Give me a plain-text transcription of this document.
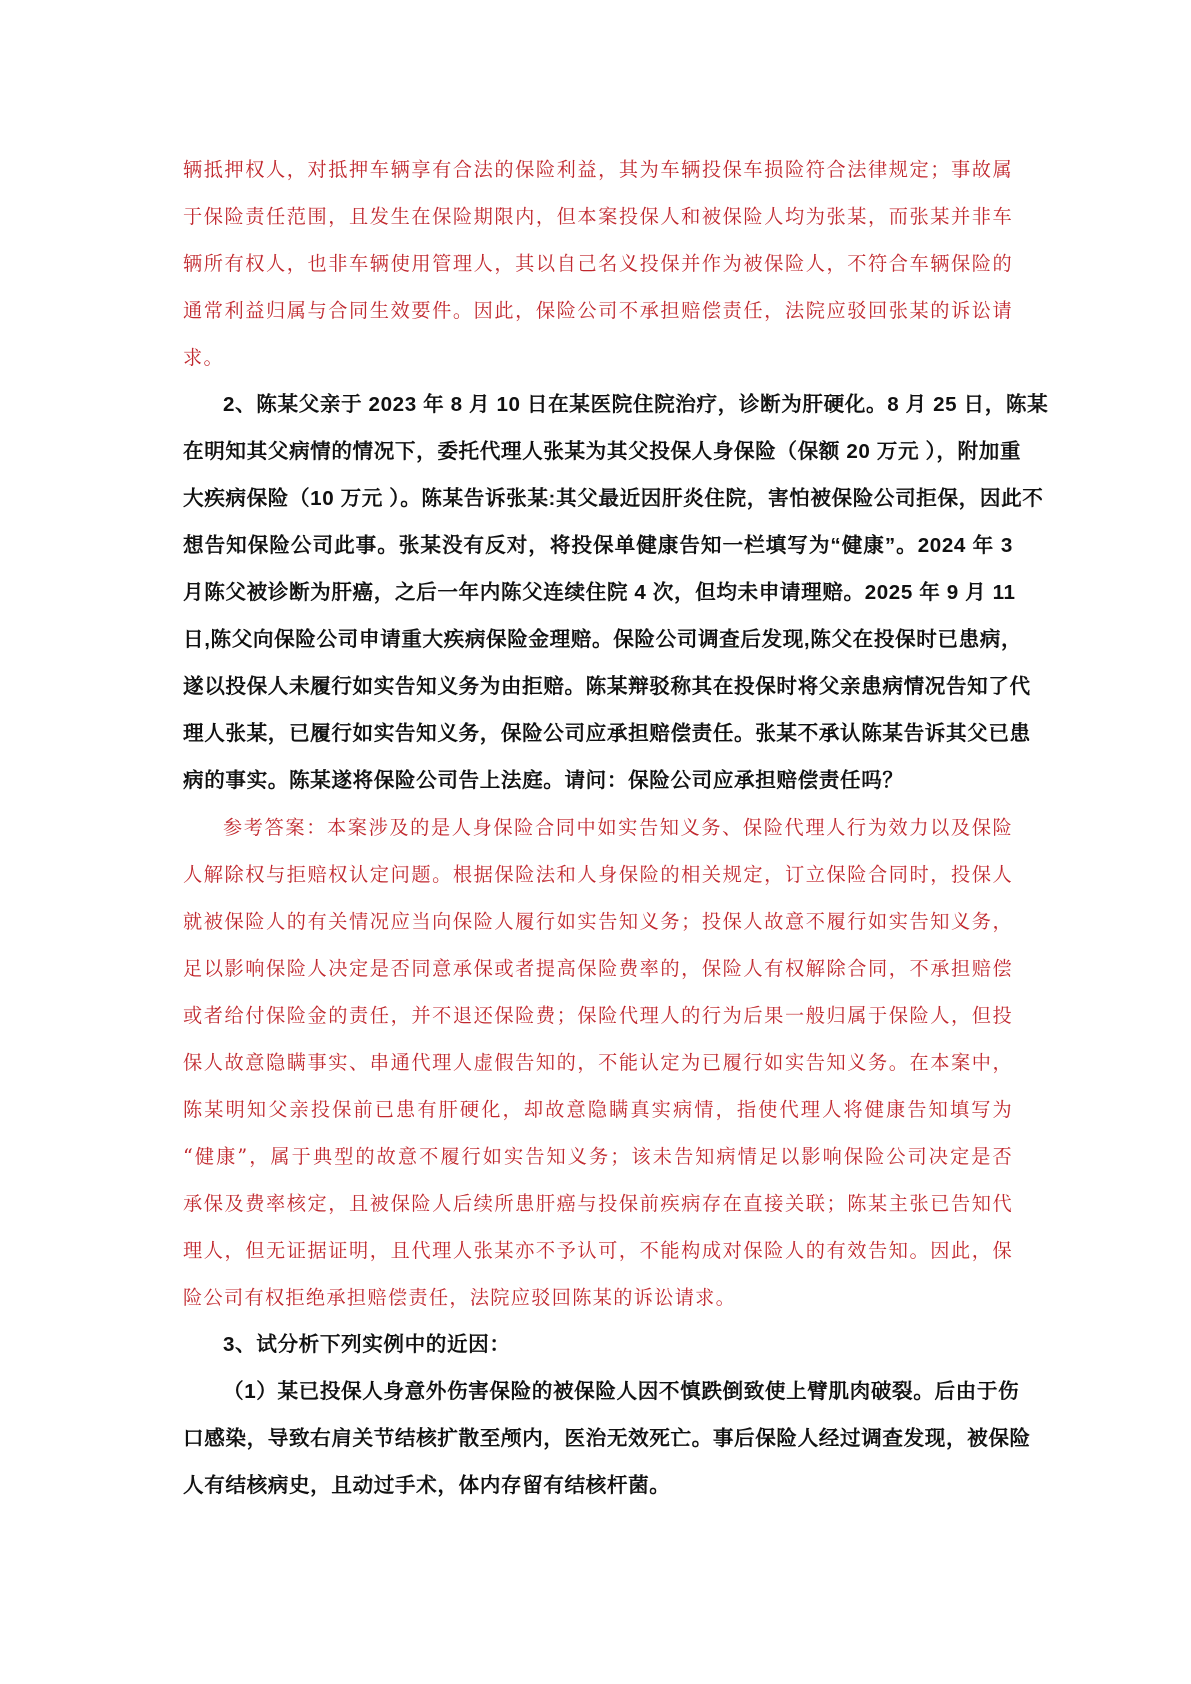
辆抵押权人，对抵押车辆享有合法的保险利益，其为车辆投保车损险符合法律规定；事故属
于保险责任范围，且发生在保险期限内，但本案投保人和被保险人均为张某，而张某并非车
辆所有权人，也非车辆使用管理人，其以自己名义投保并作为被保险人，不符合车辆保险的
通常利益归属与合同生效要件。因此，保险公司不承担赔偿责任，法院应驳回张某的诉讼请
求。
2、陈某父亲于 2023 年 8 月 10 日在某医院住院治疗，诊断为肝硬化。8 月 25 日，陈某
在明知其父病情的情况下，委托代理人张某为其父投保人身保险（保额 20 万元 ），附加重
大疾病保险（10 万元 ）。陈某告诉张某:其父最近因肝炎住院，害怕被保险公司拒保，因此不
想告知保险公司此事。张某没有反对，将投保单健康告知一栏填写为“健康”。2024 年 3
月陈父被诊断为肝癌，之后一年内陈父连续住院 4 次，但均未申请理赔。2025 年 9 月 11
日,陈父向保险公司申请重大疾病保险金理赔。保险公司调查后发现,陈父在投保时已患病，
遂以投保人未履行如实告知义务为由拒赔。陈某辩驳称其在投保时将父亲患病情况告知了代
理人张某，已履行如实告知义务，保险公司应承担赔偿责任。张某不承认陈某告诉其父已患
病的事实。陈某遂将保险公司告上法庭。请问：保险公司应承担赔偿责任吗？
参考答案：本案涉及的是人身保险合同中如实告知义务、保险代理人行为效力以及保险
人解除权与拒赔权认定问题。根据保险法和人身保险的相关规定，订立保险合同时，投保人
就被保险人的有关情况应当向保险人履行如实告知义务；投保人故意不履行如实告知义务，
足以影响保险人决定是否同意承保或者提高保险费率的，保险人有权解除合同，不承担赔偿
或者给付保险金的责任，并不退还保险费；保险代理人的行为后果一般归属于保险人，但投
保人故意隐瞒事实、串通代理人虚假告知的，不能认定为已履行如实告知义务。在本案中，
陈某明知父亲投保前已患有肝硬化，却故意隐瞒真实病情，指使代理人将健康告知填写为
“健康”，属于典型的故意不履行如实告知义务；该未告知病情足以影响保险公司决定是否
承保及费率核定，且被保险人后续所患肝癌与投保前疾病存在直接关联；陈某主张已告知代
理人，但无证据证明，且代理人张某亦不予认可，不能构成对保险人的有效告知。因此，保
险公司有权拒绝承担赔偿责任，法院应驳回陈某的诉讼请求。
3、试分析下列实例中的近因：
（1）某已投保人身意外伤害保险的被保险人因不慎跌倒致使上臂肌肉破裂。后由于伤
口感染，导致右肩关节结核扩散至颅内，医治无效死亡。事后保险人经过调查发现，被保险
人有结核病史，且动过手术，体内存留有结核杆菌。
